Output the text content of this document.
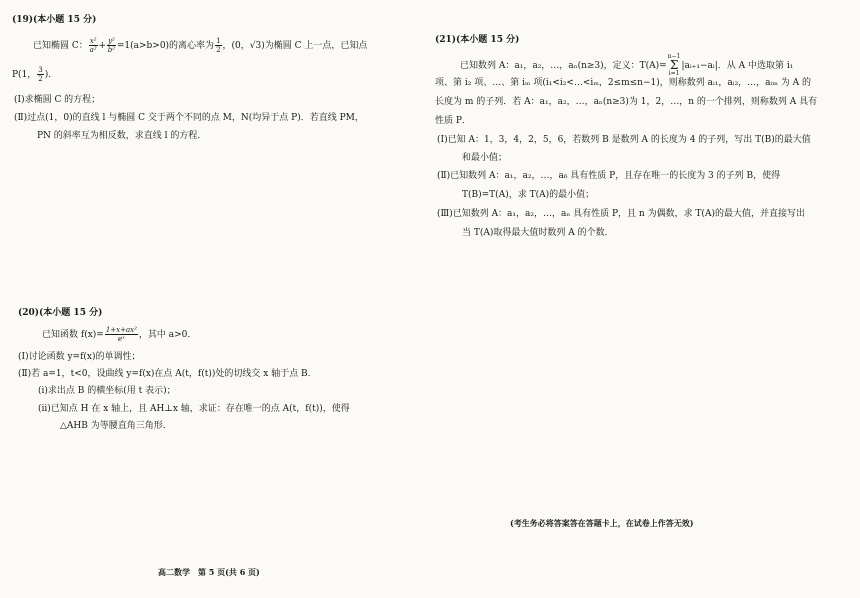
(19)(本小题 15 分)
已知椭圆 C： $\frac{\text{x²}}{\text{a²}} + \frac{\text{y²}}{\text{b²}} =1(a>b>0)$的离心率为 $\frac{1}{2}$ ，(0，√3)为椭圆 C 上一点，已知点
P(1， $\frac{3}{2}$ )．
(Ⅰ)求椭圆 C 的方程；
(Ⅱ)过点(1，0)的直线 l 与椭圆 C 交于两个不同的点 M，N(均异于点 P)．若直线 PM，
PN 的斜率互为相反数，求直线 l 的方程．
(20)(本小题 15 分)
已知函数 $f(x)= \frac{\text{1+x+ax²}}{\text{eˣ}}$ ，其中 a>0．
(Ⅰ)讨论函数 y=f(x)的单调性；
(Ⅱ)若 a=1，t<0，设曲线 y=f(x)在点 A(t，f(t))处的切线交 x 轴于点 B．
(ⅰ)求出点 B 的横坐标(用 t 表示)；
(ⅱ)已知点 H 在 x 轴上，且 AH⊥x 轴，求证：存在唯一的点 A(t，f(t))，使得
△AHB 为等腰直角三角形．
(21)(本小题 15 分)
已知数列 A：a₁，a₂，…，aₙ(n≥3)，定义：T(A)=n−1
Σ
i=1|aᵢ₊₁−aᵢ|．从 A 中选取第 i₁
项、第 i₂ 项、…、第 iₘ 项(i₁<i₂<…<iₘ，2≤m≤n−1)，则称数列 aᵢ₁，aᵢ₂，…，aᵢₘ 为 A 的
长度为 m 的子列．若 A：a₁，a₂，…，aₙ(n≥3)为 1，2，…，n 的一个排列，则称数列 A 具有
性质 P．
(Ⅰ)已知 A：1，3，4，2，5，6，若数列 B 是数列 A 的长度为 4 的子列，写出 T(B)的最大值
和最小值；
(Ⅱ)已知数列 A：a₁，a₂，…，a₆ 具有性质 P，且存在唯一的长度为 3 的子列 B，使得
T(B)=T(A)，求 T(A)的最小值；
(Ⅲ)已知数列 A：a₁，a₂，…，aₙ 具有性质 P，且 n 为偶数，求 T(A)的最大值，并直接写出
当 T(A)取得最大值时数列 A 的个数．
(考生务必将答案答在答题卡上，在试卷上作答无效)
高二数学　第 5 页(共 6 页)
